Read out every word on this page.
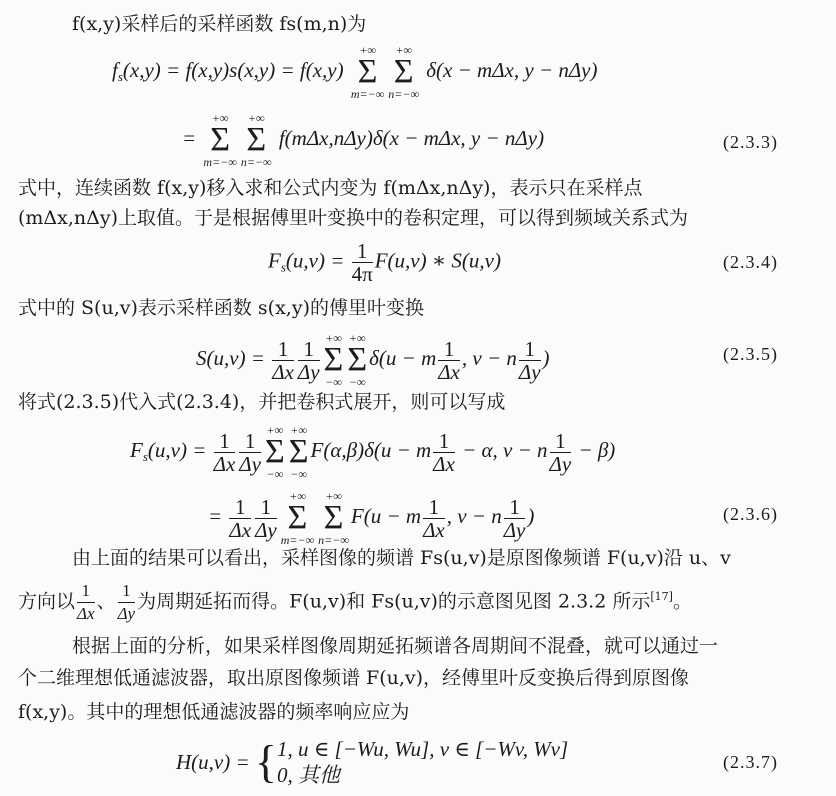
f(x,y)采样后的采样函数 fs(m,n)为
$f_s(x,y) = f(x,y)s(x,y) = f(x,y)$
+∞
Σ
m=−∞
+∞
Σ
n=−∞
δ(x − mΔx, y − nΔy)
=
+∞
Σ
m=−∞
+∞
Σ
n=−∞
f(mΔx,nΔy)δ(x − mΔx, y − nΔy)	(2.3.3)
式中，连续函数 f(x,y)移入求和公式内变为 f(mΔx,nΔy)，表示只在采样点
(mΔx,nΔy)上取值。于是根据傅里叶变换中的卷积定理，可以得到频域关系式为
$F_s(u,v) = \frac{1}{4\pi} F(u,v)$ ∗ S(u,v)	(2.3.4)
式中的 S(u,v)表示采样函数 s(x,y)的傅里叶变换
$S(u,v) = \frac{1}{\Delta x} \frac{1}{\Delta y}$ +∞
Σ
−∞
+∞
Σ
−∞
δ(u − m $\frac{1}{\Delta x}$ , v − n $\frac{1}{\Delta y}$ )	(2.3.5)
将式(2.3.5)代入式(2.3.4)，并把卷积式展开，则可以写成
$F_s(u,v) = \frac{1}{\Delta x} \frac{1}{\Delta y}$ +∞
Σ
−∞
+∞
Σ
−∞
F(α,β)δ(u − m $\frac{1}{\Delta x} - \alpha$, v − n $\frac{1}{\Delta y} - \beta$)
= $\frac{1}{\Delta x} \frac{1}{\Delta y}$	+∞
Σ
m=−∞
+∞
Σ
n=−∞
F(u − m $\frac{1}{\Delta x}$ , v − n $\frac{1}{\Delta y}$ )	(2.3.6)
由上面的结果可以看出，采样图像的频谱 Fs(u,v)是原图像频谱 F(u,v)沿 u、v
方向以 $\frac{1}{\Delta x}$ 、 $\frac{1}{\Delta y}$ 为周期延拓而得。F(u,v)和 Fs(u,v)的示意图见图 2.3.2 所示[17]。
根据上面的分析，如果采样图像周期延拓频谱各周期间不混叠，就可以通过一
个二维理想低通滤波器，取出原图像频谱 F(u,v)，经傅里叶反变换后得到原图像
f(x,y)。其中的理想低通滤波器的频率响应应为
H(u,v) = { 1, u ∈ [−Wu, Wu], v ∈ [−Wv, Wv]
0, 其他
(2.3.7)
